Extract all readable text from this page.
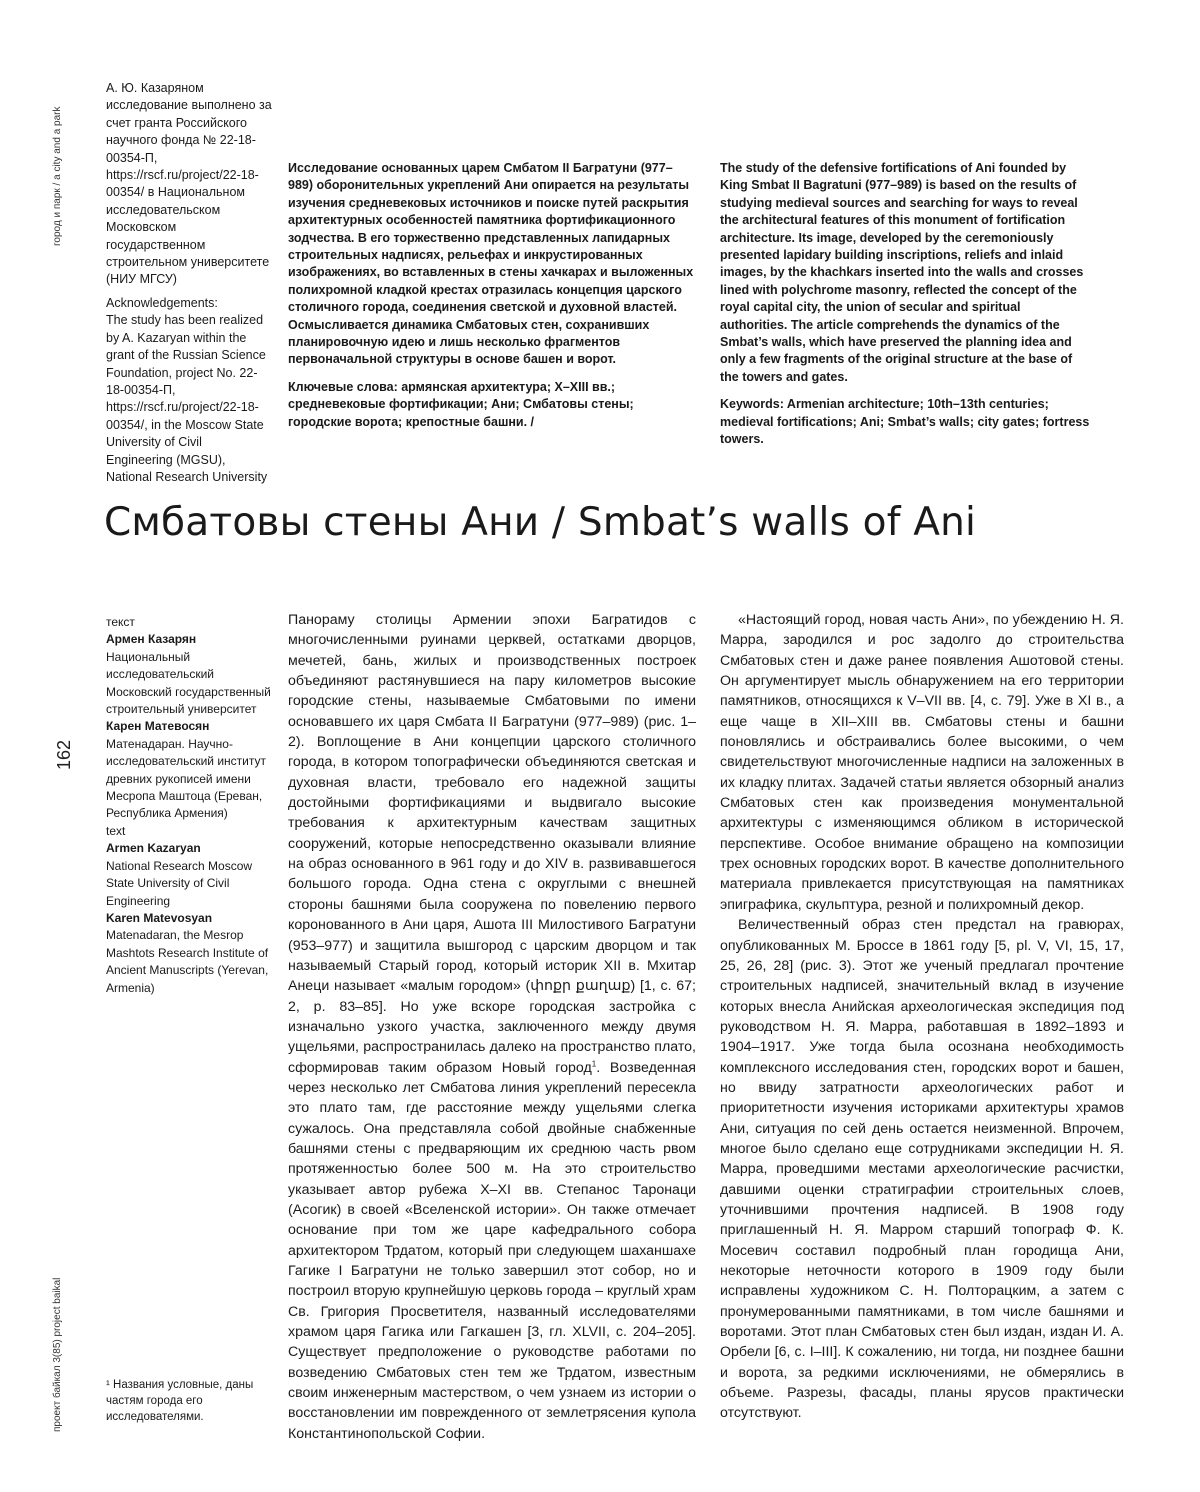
город и парк / a city and a park
проект байкал 3(85) project baikal
162

А. Ю. Казаряном исследование выполнено за счет гранта Российского научного фонда № 22-18-00354-П, https://rscf.ru/project/22-18-00354/ в Национальном исследовательском Московском государственном строительном университете (НИУ МГСУ)

Acknowledgements:

The study has been realized by A. Kazaryan within the grant of the Russian Science Foundation, project No. 22-18-00354-П, https://rscf.ru/project/22-18-00354/, in the Moscow State University of Civil Engineering (MGSU), National Research University

Исследование основанных царем Смбатом II Багратуни (977–989) оборонительных укреплений Ани опирается на результаты изучения средневековых источников и поиске путей раскрытия архитектурных особенностей памятника фортификационного зодчества. В его торжественно представленных лапидарных строительных надписях, рельефах и инкрустированных изображениях, во вставленных в стены хачкарах и выложенных полихромной кладкой крестах отразилась концепция царского столичного города, соединения светской и духовной властей. Осмысливается динамика Смбатовых стен, сохранивших планировочную идею и лишь несколько фрагментов первоначальной структуры в основе башен и ворот.

Ключевые слова: армянская архитектура; X–XIII вв.; средневековые фортификации; Ани; Смбатовы стены; городские ворота; крепостные башни. /

The study of the defensive fortifications of Ani founded by King Smbat II Bagratuni (977–989) is based on the results of studying medieval sources and searching for ways to reveal the architectural features of this monument of fortification architecture. Its image, developed by the ceremoniously presented lapidary building inscriptions, reliefs and inlaid images, by the khachkars inserted into the walls and crosses lined with polychrome masonry, reflected the concept of the royal capital city, the union of secular and spiritual authorities. The article comprehends the dynamics of the Smbat’s walls, which have preserved the planning idea and only a few fragments of the original structure at the base of the towers and gates.

Keywords: Armenian architecture; 10th–13th centuries; medieval fortifications; Ani; Smbat’s walls; city gates; fortress towers.

Смбатовы стены Ани / Smbat’s walls of Ani
текст
Армен Казарян
Национальный исследовательский Московский государственный строительный университет
Карен Матевосян
Матенадаран. Научно-исследовательский институт древних рукописей имени Месропа Маштоца (Ереван, Республика Армения)
text
Armen Kazaryan
National Research Moscow State University of Civil Engineering
Karen Matevosyan
Matenadaran, the Mesrop Mashtots Research Institute of Ancient Manuscripts (Yerevan, Armenia)
¹ Названия условные, даны частям города его исследователями.

Панораму столицы Армении эпохи Багратидов с многочисленными руинами церквей, остатками дворцов, мечетей, бань, жилых и производственных построек объединяют растянувшиеся на пару километров высокие городские стены, называемые Смбатовыми по имени основавшего их царя Смбата II Багратуни (977–989) (рис. 1–2). Воплощение в Ани концепции царского столичного города, в котором топографически объединяются светская и духовная власти, требовало его надежной защиты достойными фортификациями и выдвигало высокие требования к архитектурным качествам защитных сооружений, которые непосредственно оказывали влияние на образ основанного в 961 году и до XIV в. развивавшегося большого города. Одна стена с округлыми с внешней стороны башнями была сооружена по повелению первого коронованного в Ани царя, Ашота III Милостивого Багратуни (953–977) и защитила вышгород с царским дворцом и так называемый Старый город, который историк XII в. Мхитар Анеци называет «малым городом» (փոքր քաղաք) [1, с. 67; 2, p. 83–85]. Но уже вскоре городская застройка с изначально узкого участка, заключенного между двумя ущельями, распространилась далеко на пространство плато, сформировав таким образом Новый город1. Возведенная через несколько лет Смбатова линия укреплений пересекла это плато там, где расстояние между ущельями слегка сужалось. Она представляла собой двойные снабженные башнями стены с предваряющим их среднюю часть рвом протяженностью более 500 м. На это строительство указывает автор рубежа X–XI вв. Степанос Таронаци (Асогик) в своей «Вселенской истории». Он также отмечает основание при том же царе кафедрального собора архитектором Трдатом, который при следующем шаханшахе Гагике I Багратуни не только завершил этот собор, но и построил вторую крупнейшую церковь города – круглый храм Св. Григория Просветителя, названный исследователями храмом царя Гагика или Гагкашен [3, гл. XLVII, с. 204–205]. Существует предположение о руководстве работами по возведению Смбатовых стен тем же Трдатом, известным своим инженерным мастерством, о чем узнаем из истории о восстановлении им поврежденного от землетрясения купола Константинопольской Софии.

«Настоящий город, новая часть Ани», по убеждению Н. Я. Марра, зародился и рос задолго до строительства Смбатовых стен и даже ранее появления Ашотовой стены. Он аргументирует мысль обнаружением на его территории памятников, относящихся к V–VII вв. [4, с. 79]. Уже в XI в., а еще чаще в XII–XIII вв. Смбатовы стены и башни поновлялись и обстраивались более высокими, о чем свидетельствуют многочисленные надписи на заложенных в их кладку плитах. Задачей статьи является обзорный анализ Смбатовых стен как произведения монументальной архитектуры с изменяющимся обликом в исторической перспективе. Особое внимание обращено на композиции трех основных городских ворот. В качестве дополнительного материала привлекается присутствующая на памятниках эпиграфика, скульптура, резной и полихромный декор.

Величественный образ стен предстал на гравюрах, опубликованных М. Броссе в 1861 году [5, pl. V, VI, 15, 17, 25, 26, 28] (рис. 3). Этот же ученый предлагал прочтение строительных надписей, значительный вклад в изучение которых внесла Анийская археологическая экспедиция под руководством Н. Я. Марра, работавшая в 1892–1893 и 1904–1917. Уже тогда была осознана необходимость комплексного исследования стен, городских ворот и башен, но ввиду затратности археологических работ и приоритетности изучения историками архитектуры храмов Ани, ситуация по сей день остается неизменной. Впрочем, многое было сделано еще сотрудниками экспедиции Н. Я. Марра, проведшими местами археологические расчистки, давшими оценки стратиграфии строительных слоев, уточнившими прочтения надписей. В 1908 году приглашенный Н. Я. Марром старший топограф Ф. К. Мосевич составил подробный план городища Ани, некоторые неточности которого в 1909 году были исправлены художником С. Н. Полторацким, а затем с пронумерованными памятниками, в том числе башнями и воротами. Этот план Смбатовых стен был издан, издан И. А. Орбели [6, с. I–III]. К сожалению, ни тогда, ни позднее башни и ворота, за редкими исключениями, не обмерялись в объеме. Разрезы, фасады, планы ярусов практически отсутствуют.
